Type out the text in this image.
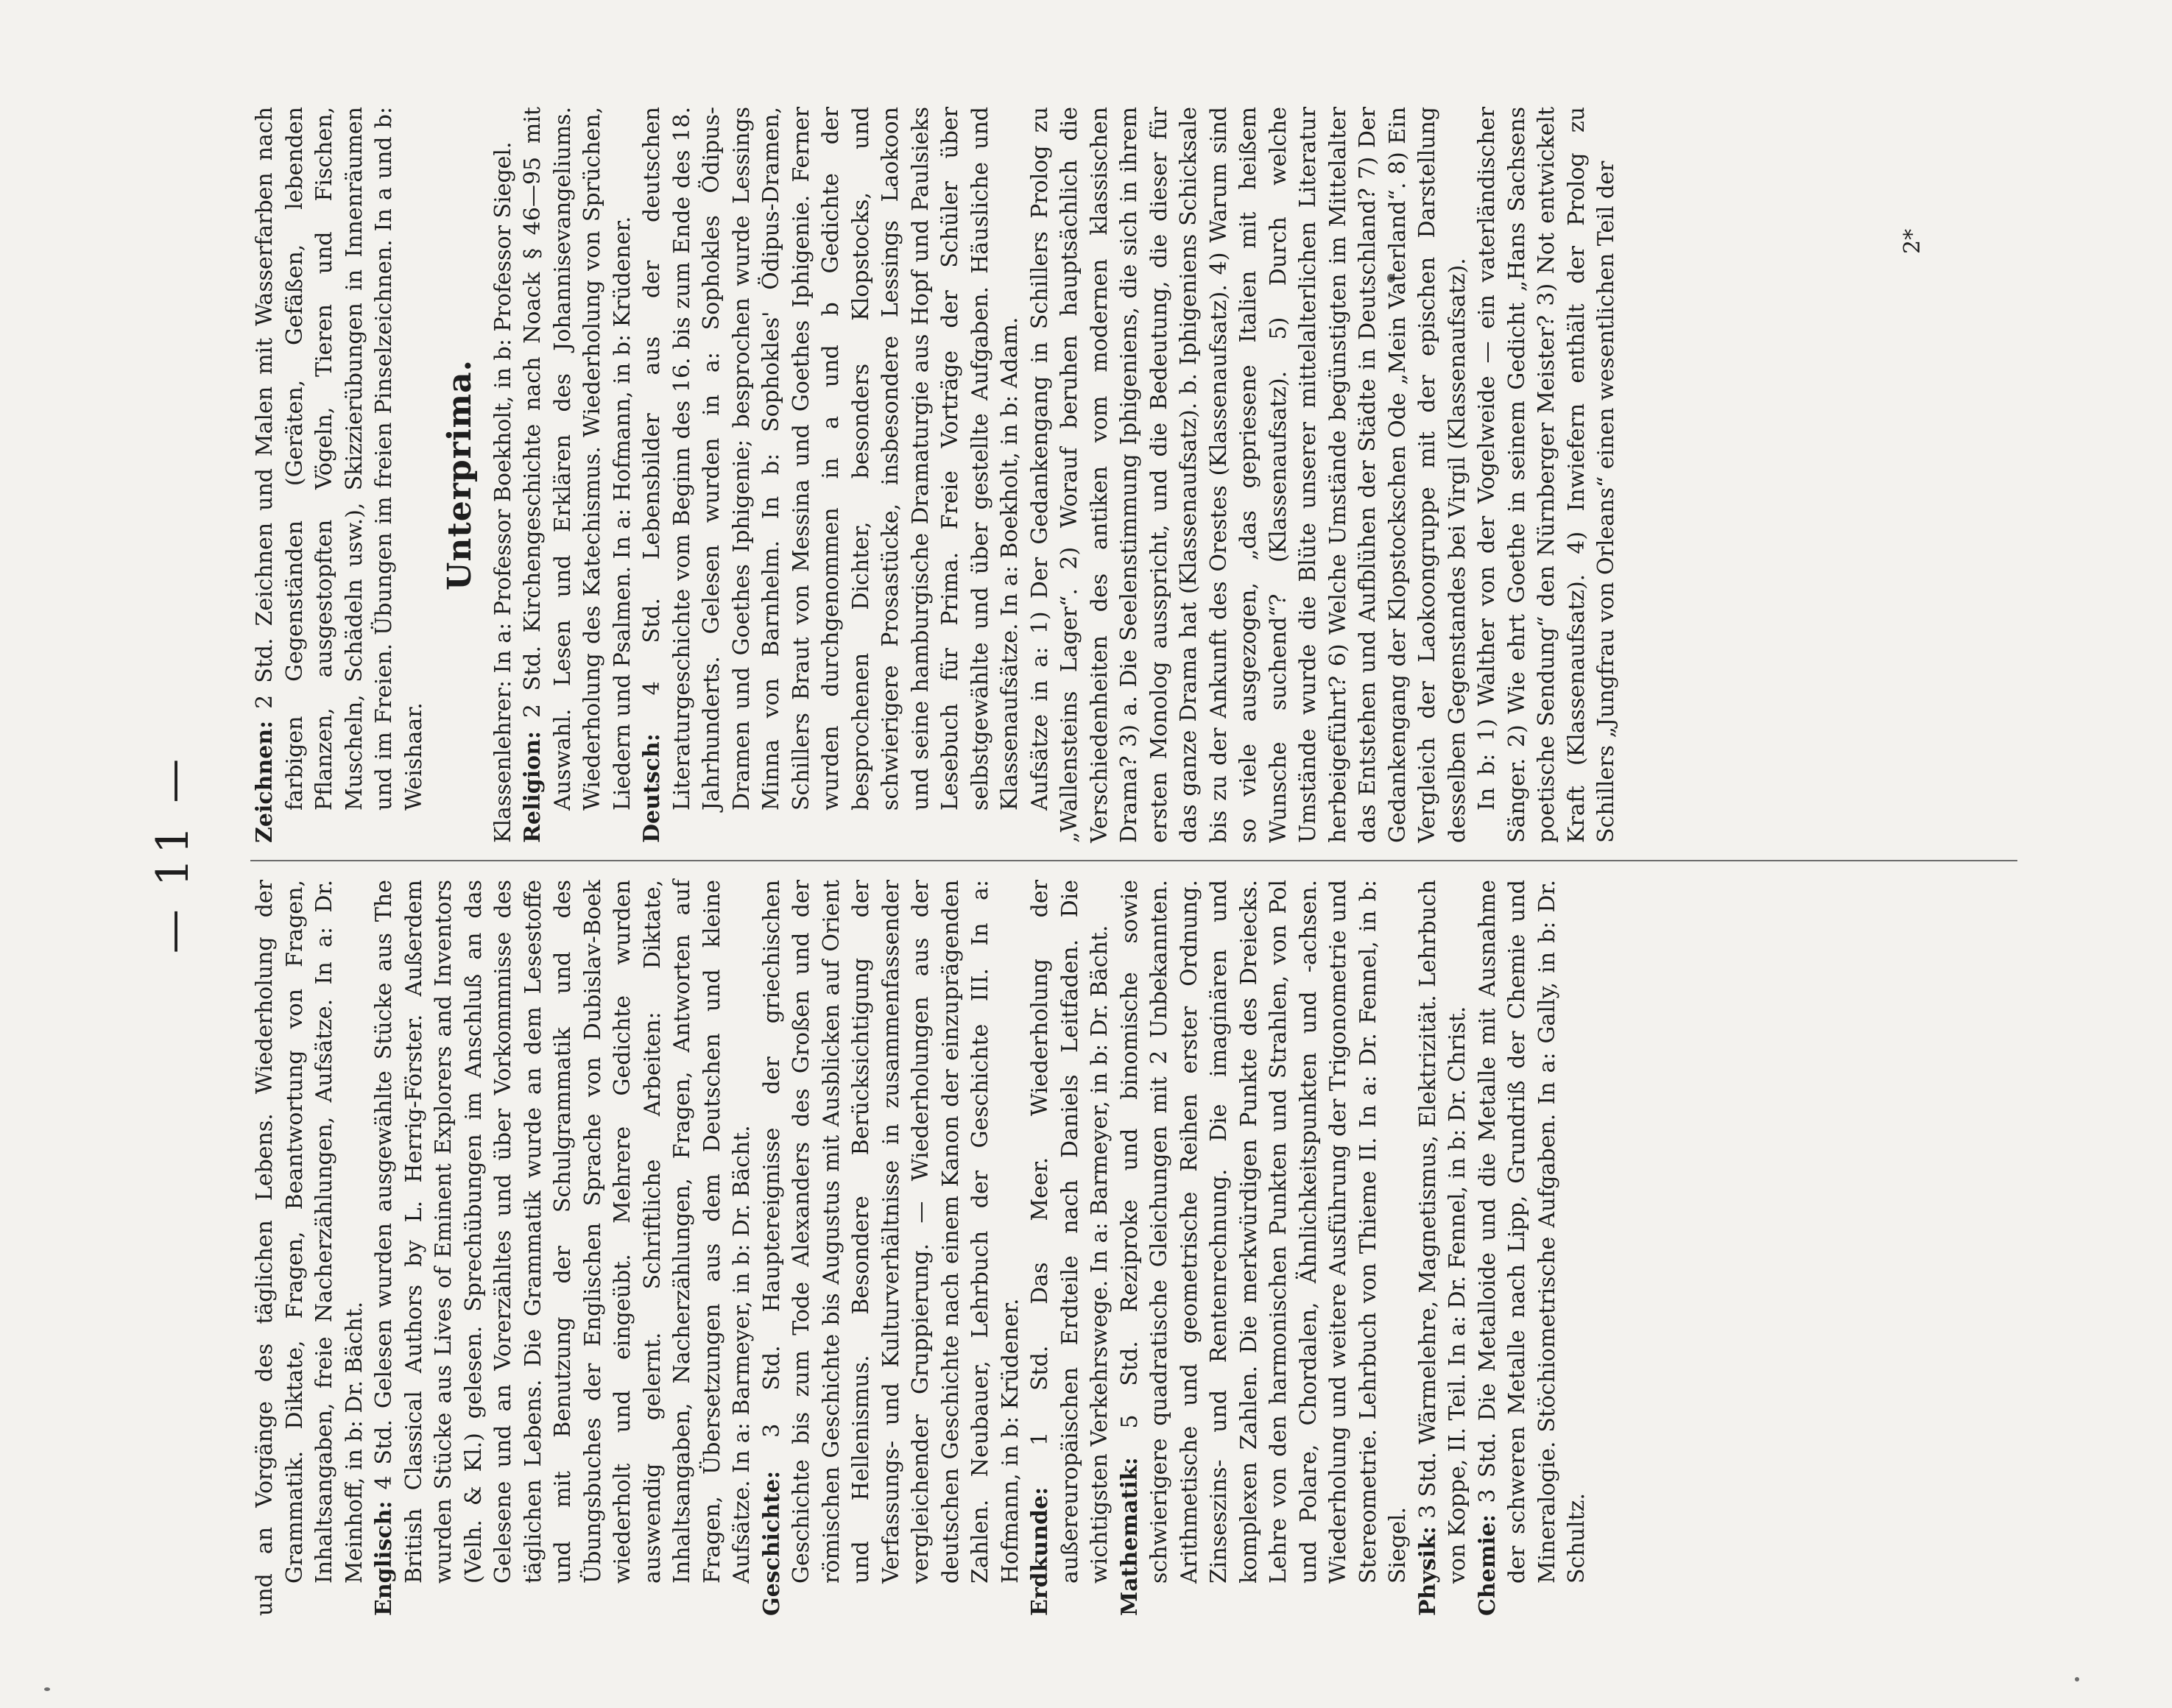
— 11 —

und an Vorgänge des täglichen Lebens. Wiederholung der Grammatik. Diktate, Fragen, Beantwortung von Fragen, Inhaltsangaben, freie Nacherzählungen, Aufsätze. In a: Dr. Meinhoff, in b: Dr. Bächt. Englisch: 4 Std. Gelesen wurden ausgewählte Stücke aus The British Classical Authors by L. Herrig-Förster. Außerdem wurden Stücke aus Lives of Eminent Explorers and Inventors (Velh. & Kl.) gelesen. Sprechübungen im Anschluß an das Gelesene und an Vorerzähltes und über Vorkommnisse des täglichen Lebens. Die Grammatik wurde an dem Lesestoffe und mit Benutzung der Schulgrammatik und des Übungsbuches der Englischen Sprache von Dubislav-Boek wiederholt und eingeübt. Mehrere Gedichte wurden auswendig gelernt. Schriftliche Arbeiten: Diktate, Inhaltsangaben, Nacherzählungen, Fragen, Antworten auf Fragen, Übersetzungen aus dem Deutschen und kleine Aufsätze. In a: Barmeyer, in b: Dr. Bächt. Geschichte: 3 Std. Hauptereignisse der griechischen Geschichte bis zum Tode Alexanders des Großen und der römischen Geschichte bis Augustus mit Ausblicken auf Orient und Hellenismus. Besondere Berücksichtigung der Verfassungs- und Kulturverhältnisse in zusammenfassender vergleichender Gruppierung. — Wiederholungen aus der deutschen Geschichte nach einem Kanon der einzuprägenden Zahlen. Neubauer, Lehrbuch der Geschichte III. In a: Hofmann, in b: Krüdener. Erdkunde: 1 Std. Das Meer. Wiederholung der außereuropäischen Erdteile nach Daniels Leitfaden. Die wichtigsten Verkehrswege. In a: Barmeyer, in b: Dr. Bächt. Mathematik: 5 Std. Reziproke und binomische sowie schwierigere quadratische Gleichungen mit 2 Unbekannten. Arithmetische und geometrische Reihen erster Ordnung. Zinseszins- und Rentenrechnung. Die imaginären und komplexen Zahlen. Die merkwürdigen Punkte des Dreiecks. Lehre von den harmonischen Punkten und Strahlen, von Pol und Polare, Chordalen, Ähnlichkeitspunkten und -achsen. Wiederholung und weitere Ausführung der Trigonometrie und Stereometrie. Lehrbuch von Thieme II. In a: Dr. Fennel, in b: Siegel. Physik: 3 Std. Wärmelehre, Magnetismus, Elektrizität. Lehrbuch von Koppe, II. Teil. In a: Dr. Fennel, in b: Dr. Christ. Chemie: 3 Std. Die Metalloide und die Metalle mit Ausnahme der schweren Metalle nach Lipp, Grundriß der Chemie und Mineralogie. Stöchiometrische Aufgaben. In a: Gally, in b: Dr. Schultz.

Zeichnen: 2 Std. Zeichnen und Malen mit Wasserfarben nach farbigen Gegenständen (Geräten, Gefäßen, lebenden Pflanzen, ausgestopften Vögeln, Tieren und Fischen, Muscheln, Schädeln usw.), Skizzierübungen in Innenräumen und im Freien. Übungen im freien Pinselzeichnen. In a und b: Weishaar.

Unterprima. Klassenlehrer: In a: Professor Boekholt, in b: Professor Siegel. Religion: 2 Std. Kirchengeschichte nach Noack § 46—95 mit Auswahl. Lesen und Erklären des Johannisevangeliums. Wiederholung des Katechismus. Wiederholung von Sprüchen, Liedern und Psalmen. In a: Hofmann, in b: Krüdener. Deutsch: 4 Std. Lebensbilder aus der deutschen Literaturgeschichte vom Beginn des 16. bis zum Ende des 18. Jahrhunderts. Gelesen wurden in a: Sophokles Ödipus-Dramen und Goethes Iphigenie; besprochen wurde Lessings Minna von Barnhelm. In b: Sophokles' Ödipus-Dramen, Schillers Braut von Messina und Goethes Iphigenie. Ferner wurden durchgenommen in a und b Gedichte der besprochenen Dichter, besonders Klopstocks, und schwierigere Prosastücke, insbesondere Lessings Laokoon und seine hamburgische Dramaturgie aus Hopf und Paulsieks Lesebuch für Prima. Freie Vorträge der Schüler über selbstgewählte und über gestellte Aufgaben. Häusliche und Klassenaufsätze. In a: Boekholt, in b: Adam. Aufsätze in a: 1) Der Gedankengang in Schillers Prolog zu „Wallensteins Lager“. 2) Worauf beruhen hauptsächlich die Verschiedenheiten des antiken vom modernen klassischen Drama? 3) a. Die Seelenstimmung Iphigeniens, die sich in ihrem ersten Monolog ausspricht, und die Bedeutung, die dieser für das ganze Drama hat (Klassenaufsatz). b. Iphigeniens Schicksale bis zu der Ankunft des Orestes (Klassenaufsatz). 4) Warum sind so viele ausgezogen, „das gepriesene Italien mit heißem Wunsche suchend“? (Klassenaufsatz). 5) Durch welche Umstände wurde die Blüte unserer mittelalterlichen Literatur herbeigeführt? 6) Welche Umstände begünstigten im Mittelalter das Entstehen und Aufblühen der Städte in Deutschland? 7) Der Gedankengang der Klopstockschen Ode „Mein Vaterland“. 8) Ein Vergleich der Laokoongruppe mit der epischen Darstellung desselben Gegenstandes bei Virgil (Klassenaufsatz). In b: 1) Walther von der Vogelweide — ein vaterländischer Sänger. 2) Wie ehrt Goethe in seinem Gedicht „Hans Sachsens poetische Sendung“ den Nürnberger Meister? 3) Not entwickelt Kraft (Klassenaufsatz). 4) Inwiefern enthält der Prolog zu Schillers „Jungfrau von Orleans“ einen wesentlichen Teil der	2*
